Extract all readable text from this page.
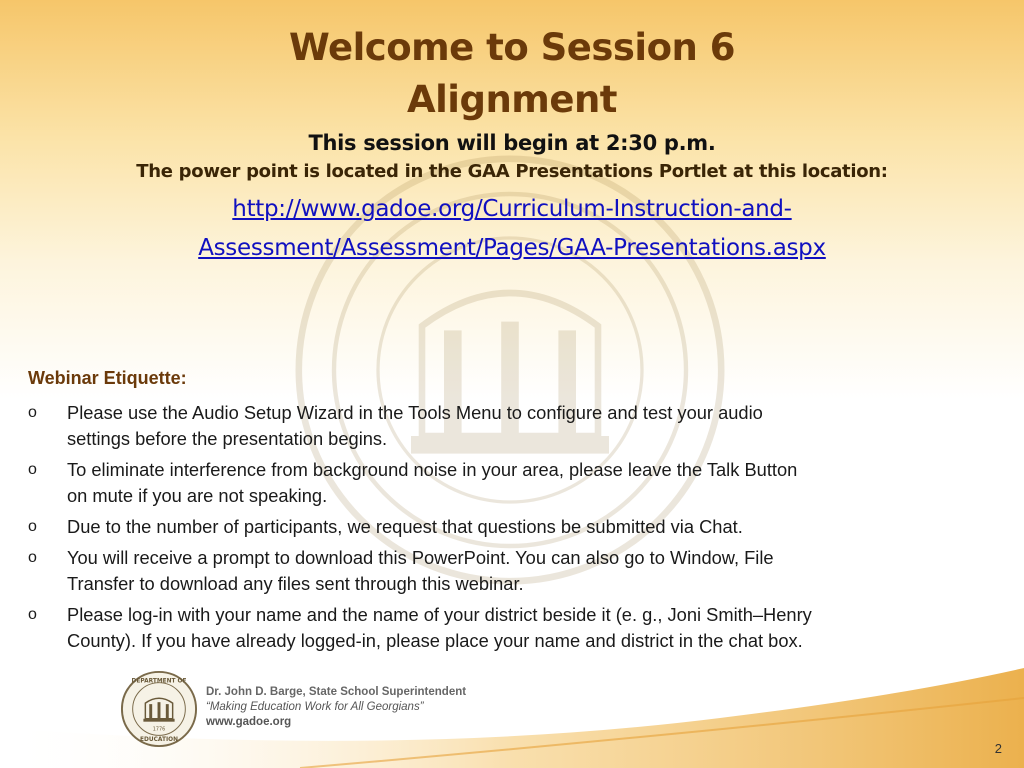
Welcome to Session 6
Alignment
This session will begin at 2:30 p.m.
The power point is located in the GAA Presentations Portlet at this location:
http://www.gadoe.org/Curriculum-Instruction-and-
Assessment/Assessment/Pages/GAA-Presentations.aspx

Webinar Etiquette:

o Please use the Audio Setup Wizard in the Tools Menu to configure and test your audio
settings before the presentation begins.
o To eliminate interference from background noise in your area, please leave the Talk Button
on mute if you are not speaking.
o Due to the number of participants, we request that questions be submitted via Chat.
o You will receive a prompt to download this PowerPoint. You can also go to Window, File
Transfer to download any files sent through this webinar.
o Please log-in with your name and the name of your district beside it (e. g., Joni Smith–Henry
County). If you have already logged-in, please place your name and district in the chat box.
DEPARTMENT OF
EDUCATION
1776
Dr. John D. Barge, State School Superintendent
“Making Education Work for All Georgians”
www.gadoe.org
2
